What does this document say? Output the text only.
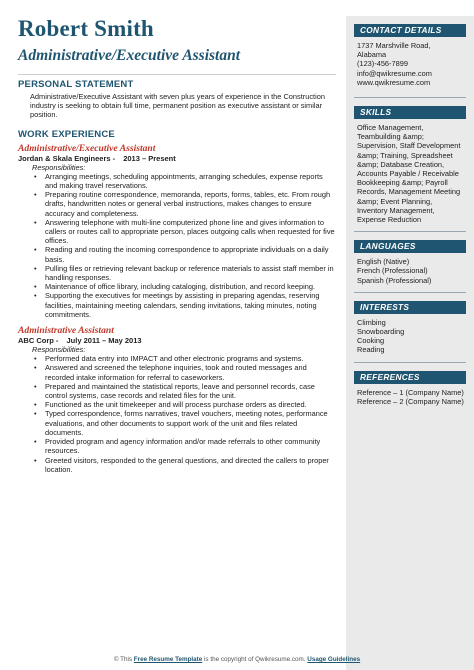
Robert Smith
Administrative/Executive Assistant
PERSONAL STATEMENT
Administrative/Executive Assistant with seven plus years of experience in the Construction industry is seeking to obtain full time, permanent position as executive assistant or similar position.
WORK EXPERIENCE
Administrative/Executive Assistant
Jordan & Skala Engineers - 2013 – Present
Responsibilities:
• Arranging meetings, scheduling appointments, arranging schedules, expense reports and making travel reservations.
• Preparing routine correspondence, memoranda, reports, forms, tables, etc. From rough drafts, handwritten notes or general verbal instructions, makes changes to ensure accuracy and completeness.
• Answering telephone with multi-line computerized phone line and gives information to callers or routes call to appropriate person, places outgoing calls when requested for five offices.
• Reading and routing the incoming correspondence to appropriate individuals on a daily basis.
• Pulling files or retrieving relevant backup or reference materials to assist staff member in handling responses.
• Maintenance of office library, including cataloging, distribution, and record keeping.
• Supporting the executives for meetings by assisting in preparing agendas, reserving facilities, maintaining meeting calendars, sending invitations, taking minutes, noting commitments.
Administrative Assistant
ABC Corp - July 2011 – May 2013
Responsibilities:
• Performed data entry into IMPACT and other electronic programs and systems.
• Answered and screened the telephone inquiries, took and routed messages and recorded intake information for referral to caseworkers.
• Prepared and maintained the statistical reports, leave and personnel records, case control systems, case records and related files for the unit.
• Functioned as the unit timekeeper and will process purchase orders as directed.
• Typed correspondence, forms narratives, travel vouchers, meeting notes, performance evaluations, and other documents to support work of the unit and files related documents.
• Provided program and agency information and/or made referrals to other community resources.
• Greeted visitors, responded to the general questions, and directed the callers to proper location.
CONTACT DETAILS
1737 Marshville Road,
Alabama
(123)-456-7899
info@qwikresume.com
www.qwikresume.com
SKILLS
Office Management, Teambuilding &amp; Supervision, Staff Development &amp; Training, Spreadsheet &amp; Database Creation, Accounts Payable / Receivable Bookkeeping &amp; Payroll Records, Management Meeting &amp; Event Planning, Inventory Management, Expense Reduction
LANGUAGES
English (Native)
French (Professional)
Spanish (Professional)
INTERESTS
Climbing
Snowboarding
Cooking
Reading
REFERENCES
Reference – 1 (Company Name)
Reference – 2 (Company Name)
© This Free Resume Template is the copyright of Qwikresume.com. Usage Guidelines
